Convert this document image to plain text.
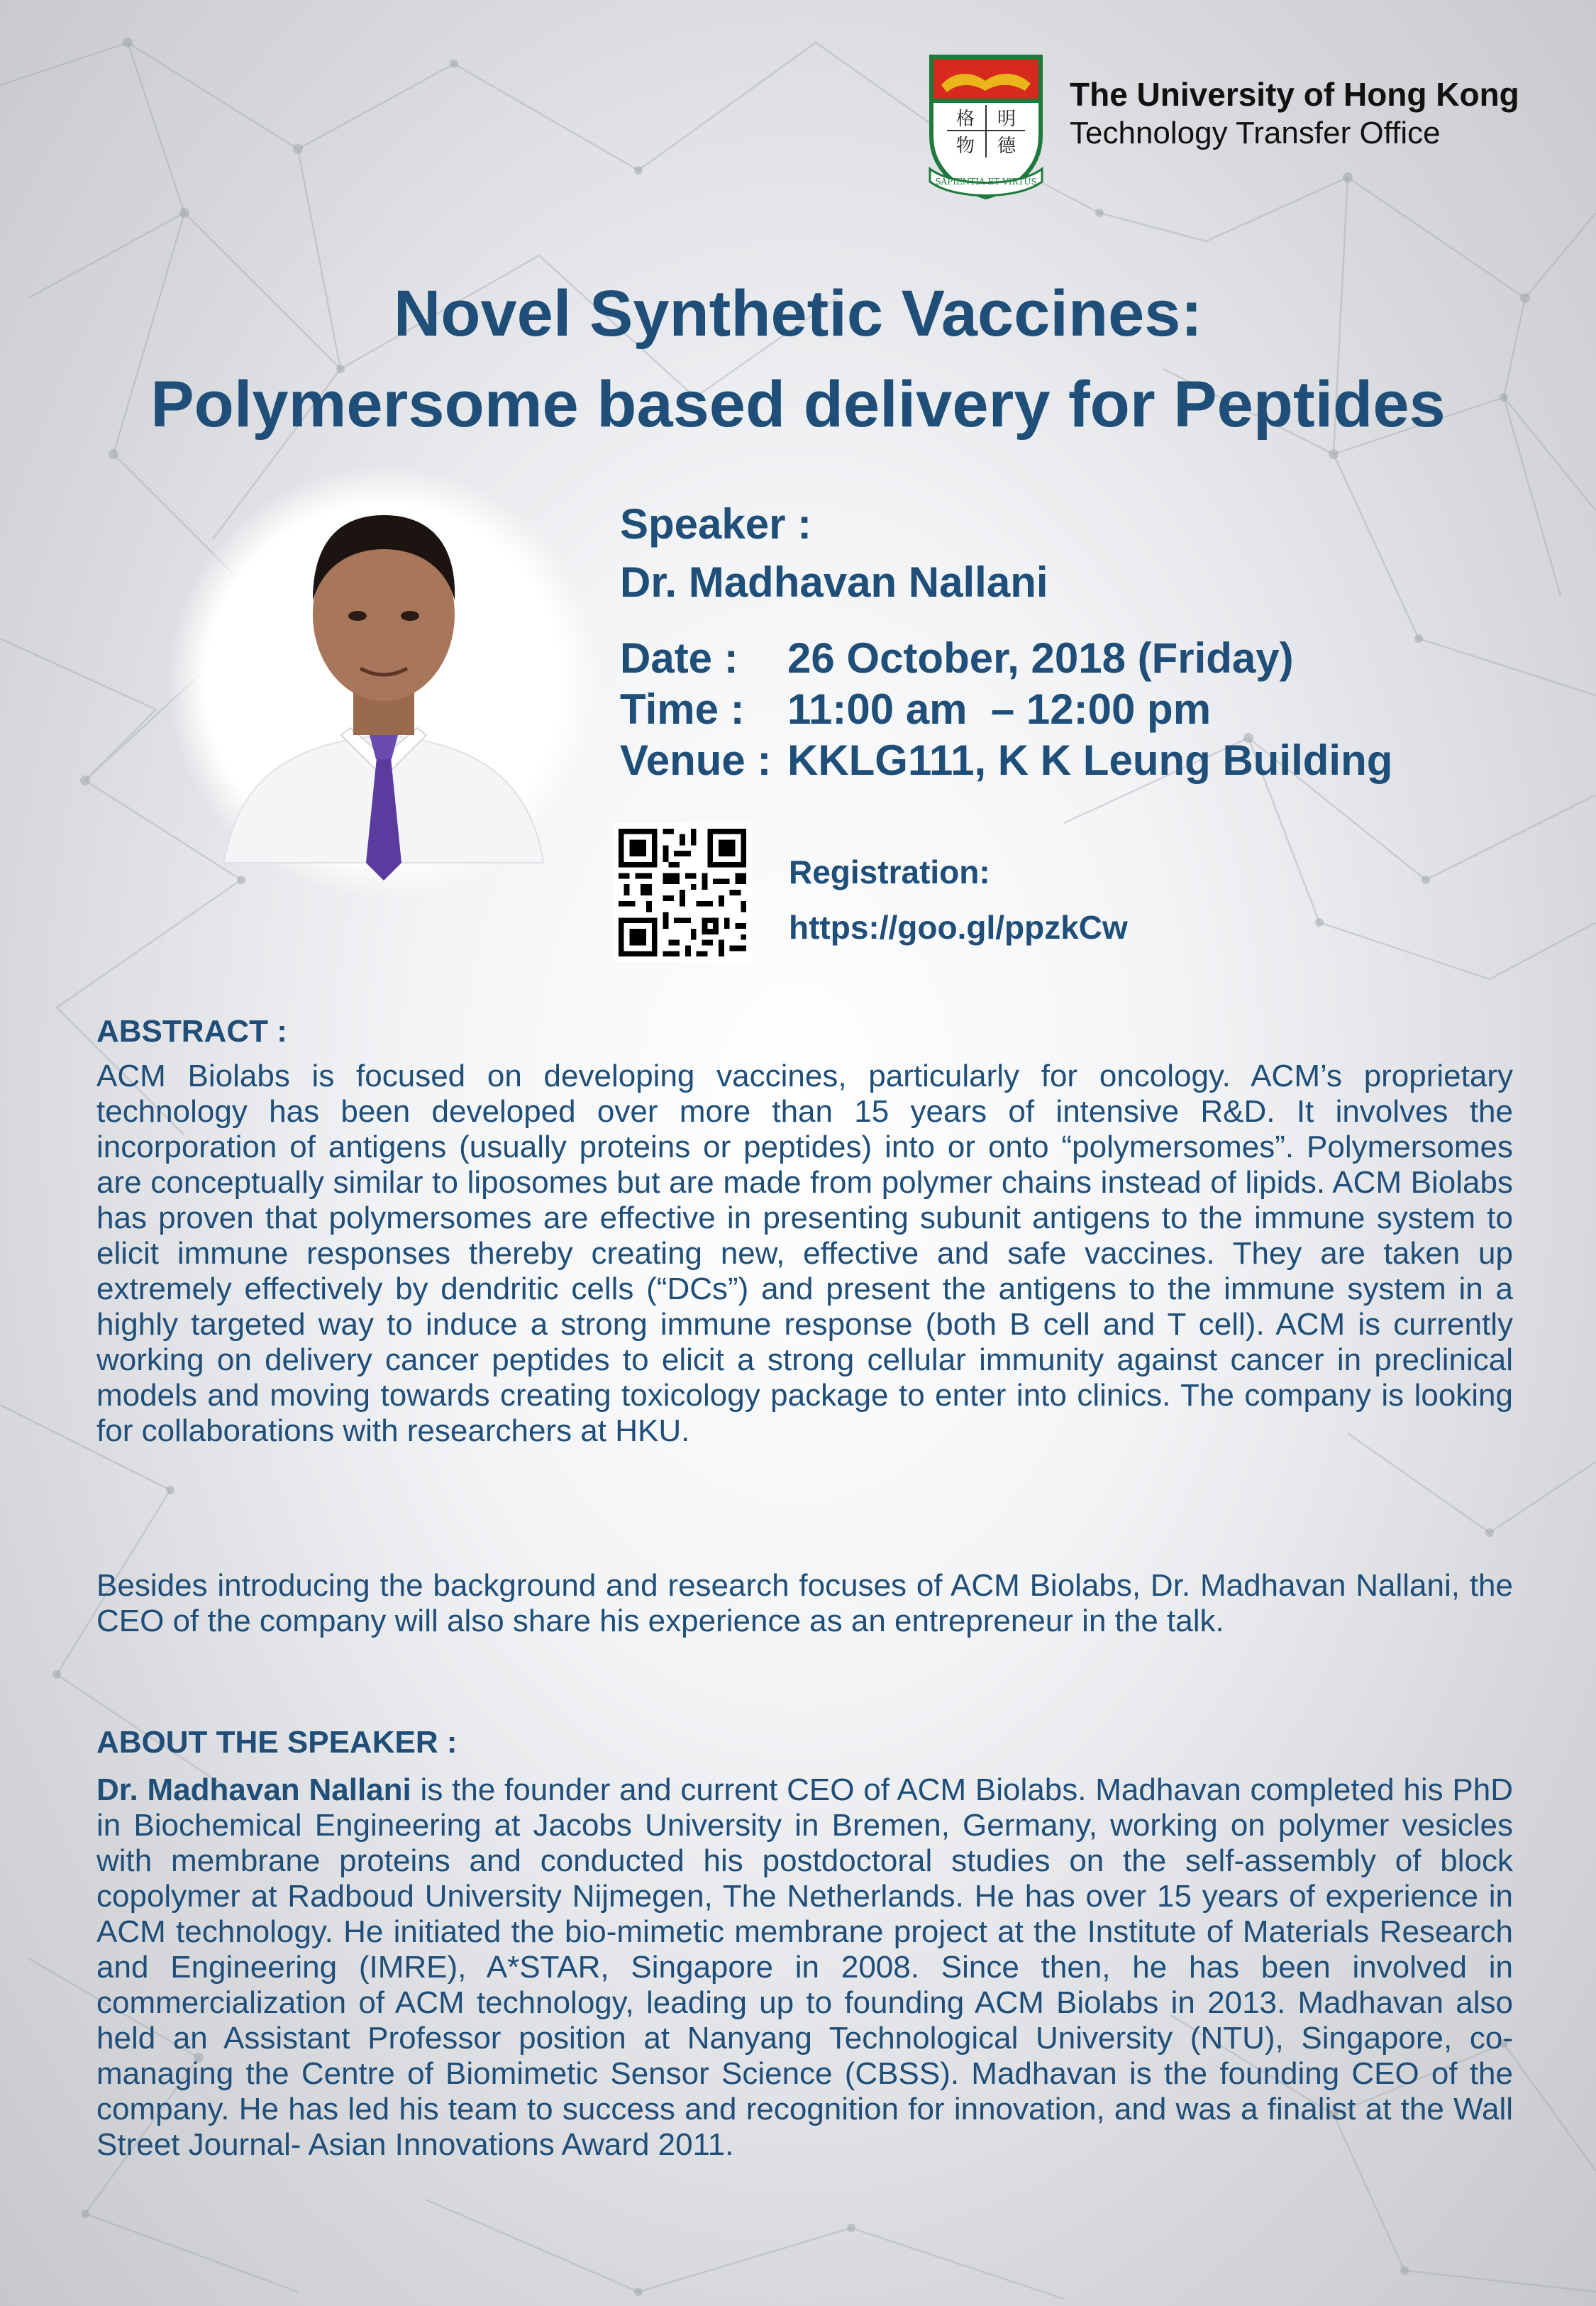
格 明
物 德
SAPIENTIA ET VIRTUS
The University of Hong Kong
Technology Transfer Office
Novel Synthetic Vaccines:
Polymersome based delivery for Peptides
Speaker :
Dr. Madhavan Nallani
Date : 26 October, 2018 (Friday)
Time : 11:00 am  – 12:00 pm
Venue : KKLG111, K K Leung Building
Registration:
https://goo.gl/ppzkCw
ABSTRACT :
ACM Biolabs is focused on developing vaccines, particularly for oncology. ACM’s proprietary technology has been developed over more than 15 years of intensive R&D. It involves the incorporation of antigens (usually proteins or peptides) into or onto “polymersomes”. Polymersomes are conceptually similar to liposomes but are made from polymer chains instead of lipids. ACM Biolabs has proven that polymersomes are effective in presenting subunit antigens to the immune system to elicit immune responses thereby creating new, effective and safe vaccines. They are taken up extremely effectively by dendritic cells (“DCs”) and present the antigens to the immune system in a highly targeted way to induce a strong immune response (both B cell and T cell). ACM is currently working on delivery cancer peptides to elicit a strong cellular immunity against cancer in preclinical models and moving towards creating toxicology package to enter into clinics. The company is looking for collaborations with researchers at HKU.
Besides introducing the background and research focuses of ACM Biolabs, Dr. Madhavan Nallani, the CEO of the company will also share his experience as an entrepreneur in the talk.
ABOUT THE SPEAKER :
Dr. Madhavan Nallani is the founder and current CEO of ACM Biolabs. Madhavan completed his PhD in Biochemical Engineering at Jacobs University in Bremen, Germany, working on polymer vesicles with membrane proteins and conducted his postdoctoral studies on the self-assembly of block copolymer at Radboud University Nijmegen, The Netherlands. He has over 15 years of experience in ACM technology. He initiated the bio-mimetic membrane project at the Institute of Materials Research and Engineering (IMRE), A*STAR, Singapore in 2008. Since then, he has been involved in commercialization of ACM technology, leading up to founding ACM Biolabs in 2013. Madhavan also held an Assistant Professor position at Nanyang Technological University (NTU), Singapore, co-managing the Centre of Biomimetic Sensor Science (CBSS). Madhavan is the founding CEO of the company. He has led his team to success and recognition for innovation, and was a finalist at the Wall Street Journal- Asian Innovations Award 2011.
